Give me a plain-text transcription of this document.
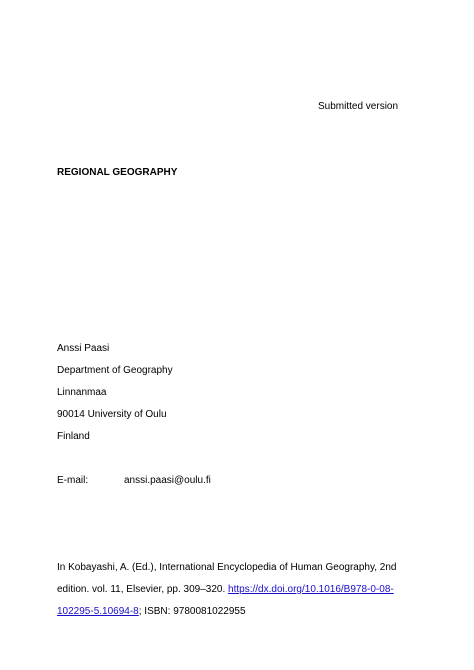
Submitted version
REGIONAL GEOGRAPHY
Anssi Paasi
Department of Geography
Linnanmaa
90014 University of Oulu
Finland
E-mail:	anssi.paasi@oulu.fi
In Kobayashi, A. (Ed.), International Encyclopedia of Human Geography, 2nd edition. vol. 11, Elsevier, pp. 309–320. https://dx.doi.org/10.1016/B978-0-08-102295-5.10694-8; ISBN: 9780081022955
